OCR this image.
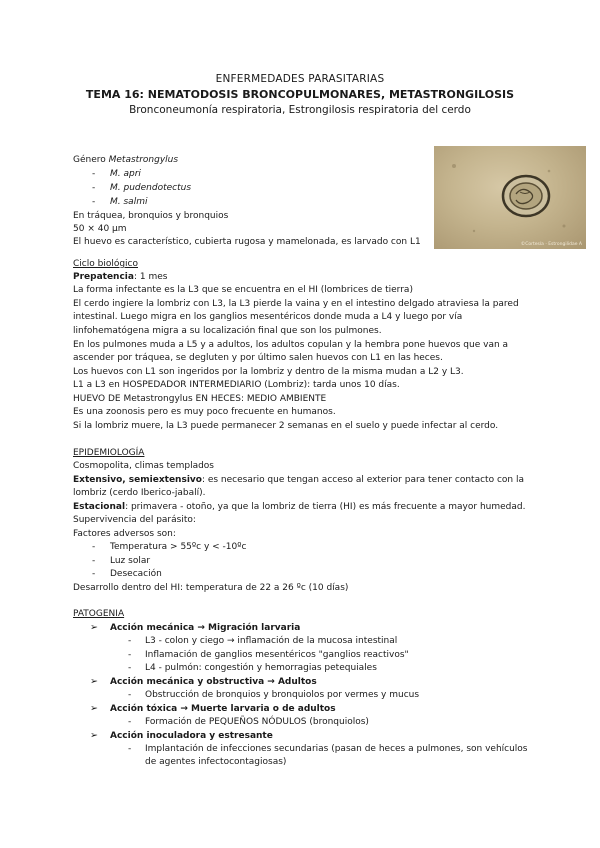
ENFERMEDADES PARASITARIAS
TEMA 16: NEMATODOSIS BRONCOPULMONARES, METASTRONGILOSIS
Bronconeumonía respiratoria, Estrongilosis respiratoria del cerdo
Género Metastrongylus
- M. apri
- M. pudendotectus
- M. salmi
En tráquea, bronquios y bronquios
50 × 40 μm
El huevo es característico, cubierta rugosa y mamelonada, es larvado con L1	©Cortesía · Estrongilidae A
Ciclo biológico
Prepatencia: 1 mes
La forma infectante es la L3 que se encuentra en el HI (lombrices de tierra)
El cerdo ingiere la lombriz con L3, la L3 pierde la vaina y en el intestino delgado atraviesa la pared
intestinal. Luego migra en los ganglios mesentéricos donde muda a L4 y luego por vía
linfohematógena migra a su localización final que son los pulmones.
En los pulmones muda a L5 y a adultos, los adultos copulan y la hembra pone huevos que van a
ascender por tráquea, se degluten y por último salen huevos con L1 en las heces.
Los huevos con L1 son ingeridos por la lombriz y dentro de la misma mudan a L2 y L3.
L1 a L3 en HOSPEDADOR INTERMEDIARIO (Lombriz): tarda unos 10 días.
HUEVO DE Metastrongylus EN HECES: MEDIO AMBIENTE
Es una zoonosis pero es muy poco frecuente en humanos.
Si la lombriz muere, la L3 puede permanecer 2 semanas en el suelo y puede infectar al cerdo.
EPIDEMIOLOGÍA
Cosmopolita, climas templados
Extensivo, semiextensivo: es necesario que tengan acceso al exterior para tener contacto con la
lombriz (cerdo Iberico-jabalí).
Estacional: primavera - otoño, ya que la lombriz de tierra (HI) es más frecuente a mayor humedad.
Supervivencia del parásito:
Factores adversos son:
- Temperatura > 55ºc y < -10ºc
- Luz solar
- Desecación
Desarrollo dentro del HI: temperatura de 22 a 26 ºc (10 días)
PATOGENIA
➢ Acción mecánica → Migración larvaria
- L3 - colon y ciego → inflamación de la mucosa intestinal
- Inflamación de ganglios mesentéricos "ganglios reactivos"
- L4 - pulmón: congestión y hemorragias petequiales
➢ Acción mecánica y obstructiva → Adultos
- Obstrucción de bronquios y bronquiolos por vermes y mucus
➢ Acción tóxica → Muerte larvaria o de adultos
- Formación de PEQUEÑOS NÓDULOS (bronquiolos)
➢ Acción inoculadora y estresante
- Implantación de infecciones secundarias (pasan de heces a pulmones, son vehículos
de agentes infectocontagiosas)
